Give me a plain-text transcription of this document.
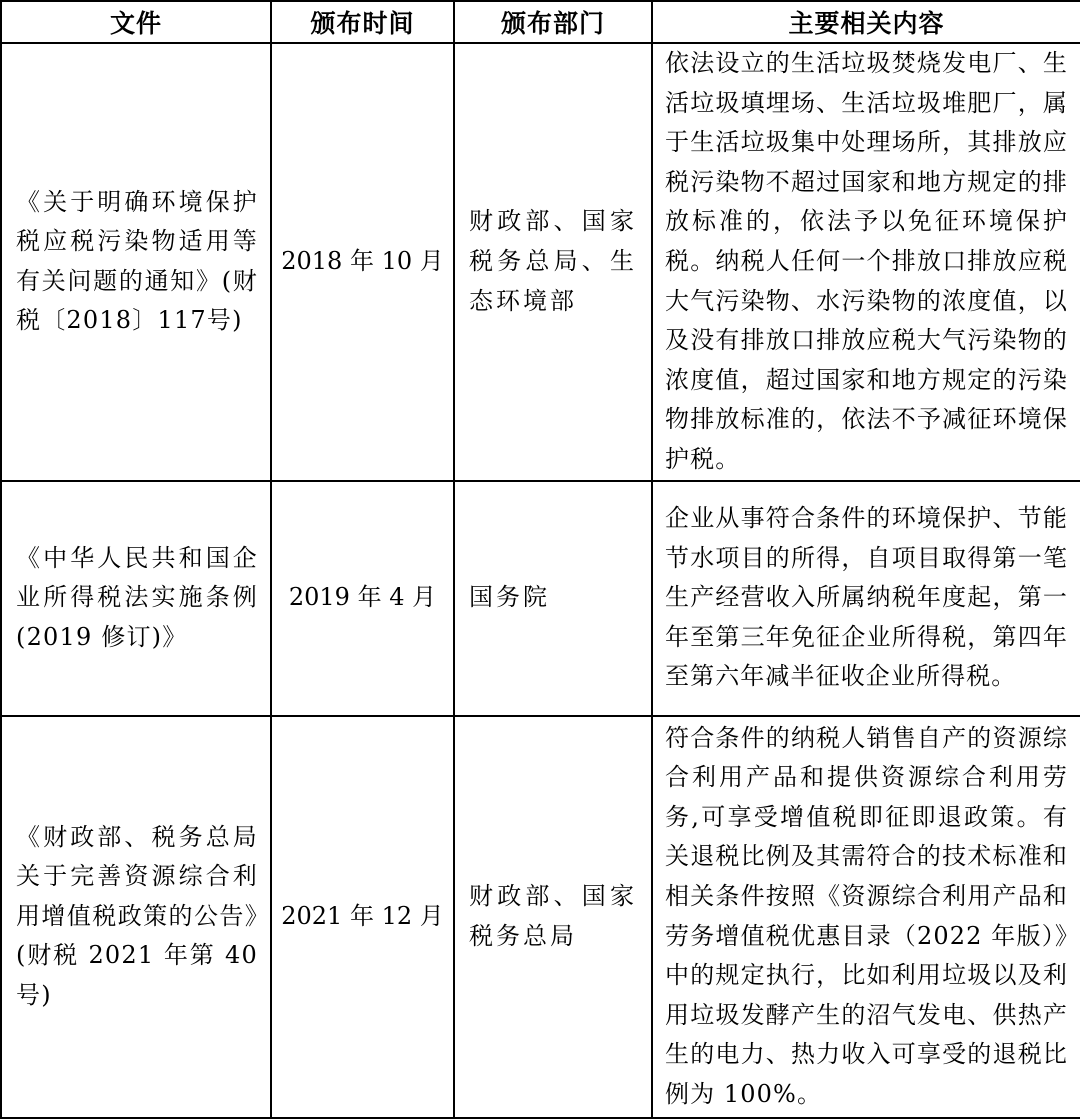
文件	颁布时间	颁布部门	主要相关内容
《关于明确环境保护税应税污染物适用等有关问题的通知》(财税〔2018〕117号)	2018 年 10 月	财政部、国家税务总局、生态环境部	依法设立的生活垃圾焚烧发电厂、生活垃圾填埋场、生活垃圾堆肥厂，属于生活垃圾集中处理场所，其排放应税污染物不超过国家和地方规定的排放标准的，依法予以免征环境保护税。纳税人任何一个排放口排放应税大气污染物、水污染物的浓度值，以及没有排放口排放应税大气污染物的浓度值，超过国家和地方规定的污染物排放标准的，依法不予减征环境保护税。
《中华人民共和国企业所得税法实施条例(2019 修订)》	2019 年 4 月	国务院	企业从事符合条件的环境保护、节能节水项目的所得，自项目取得第一笔生产经营收入所属纳税年度起，第一年至第三年免征企业所得税，第四年至第六年减半征收企业所得税。
《财政部、税务总局关于完善资源综合利用增值税政策的公告》(财税 2021 年第 40 号)	2021 年 12 月	财政部、国家税务总局	符合条件的纳税人销售自产的资源综合利用产品和提供资源综合利用劳务,可享受增值税即征即退政策。有关退税比例及其需符合的技术标准和相关条件按照《资源综合利用产品和劳务增值税优惠目录（2022 年版）》中的规定执行，比如利用垃圾以及利用垃圾发酵产生的沼气发电、供热产生的电力、热力收入可享受的退税比例为 100%。
